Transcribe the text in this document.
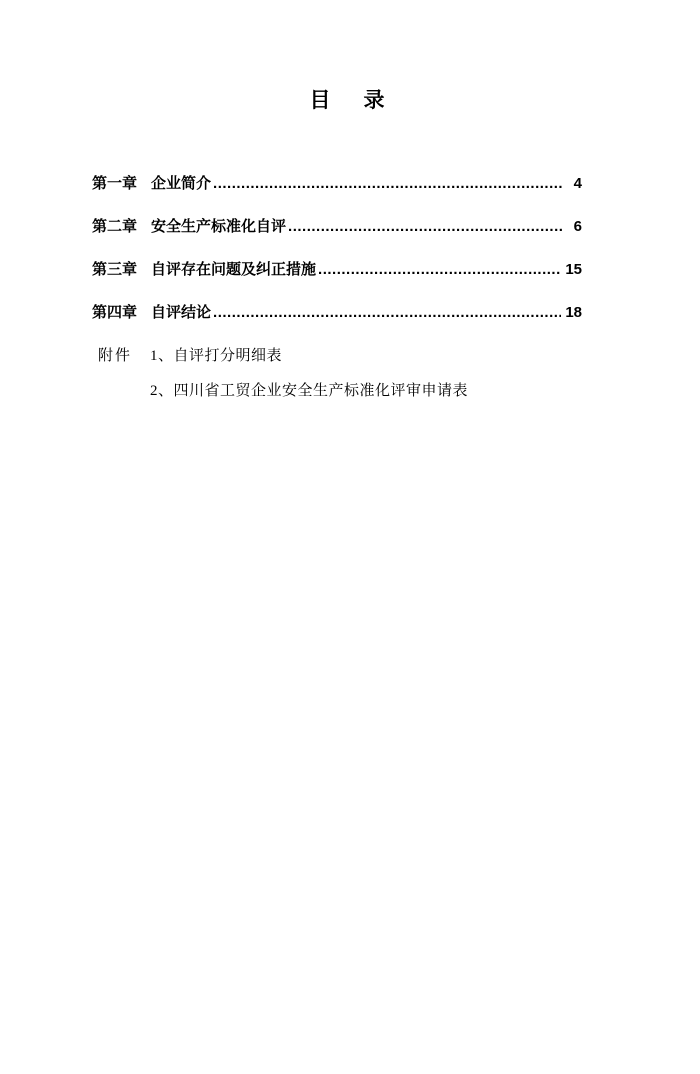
目　录
第一章 企业简介 .....	4
第二章 安全生产标准化自评 .....	6
第三章 自评存在问题及纠正措施 .....	15
第四章 自评结论 .....	18
附件 1、自评打分明细表
2、四川省工贸企业安全生产标准化评审申请表
